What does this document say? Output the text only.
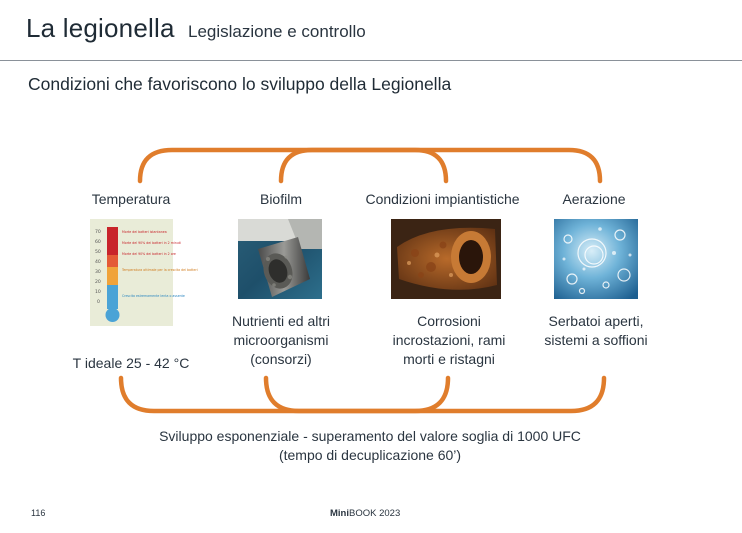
La legionella Legislazione e controllo
Condizioni che favoriscono lo sviluppo della Legionella
Temperatura	Biofilm	Condizioni impiantistiche	Aerazione
70
60
50
40
30
20
10
0
Morte dei batteri istantanea
Morte del 90% dei batteri in 2 minuti
Morte del 90% dei batteri in 2 ore
Temperatura ottimale per la crescita dei batteri
Crescita estremamente lenta o assente
T ideale 25 - 42 °C
Nutrienti ed altri
microorganismi
(consorzi)
Corrosioni
incrostazioni, rami
morti e ristagni
Serbatoi aperti,
sistemi a soffioni
Sviluppo esponenziale - superamento del valore soglia di 1000 UFC
(tempo di decuplicazione 60’)
116	MiniBOOK 2023
